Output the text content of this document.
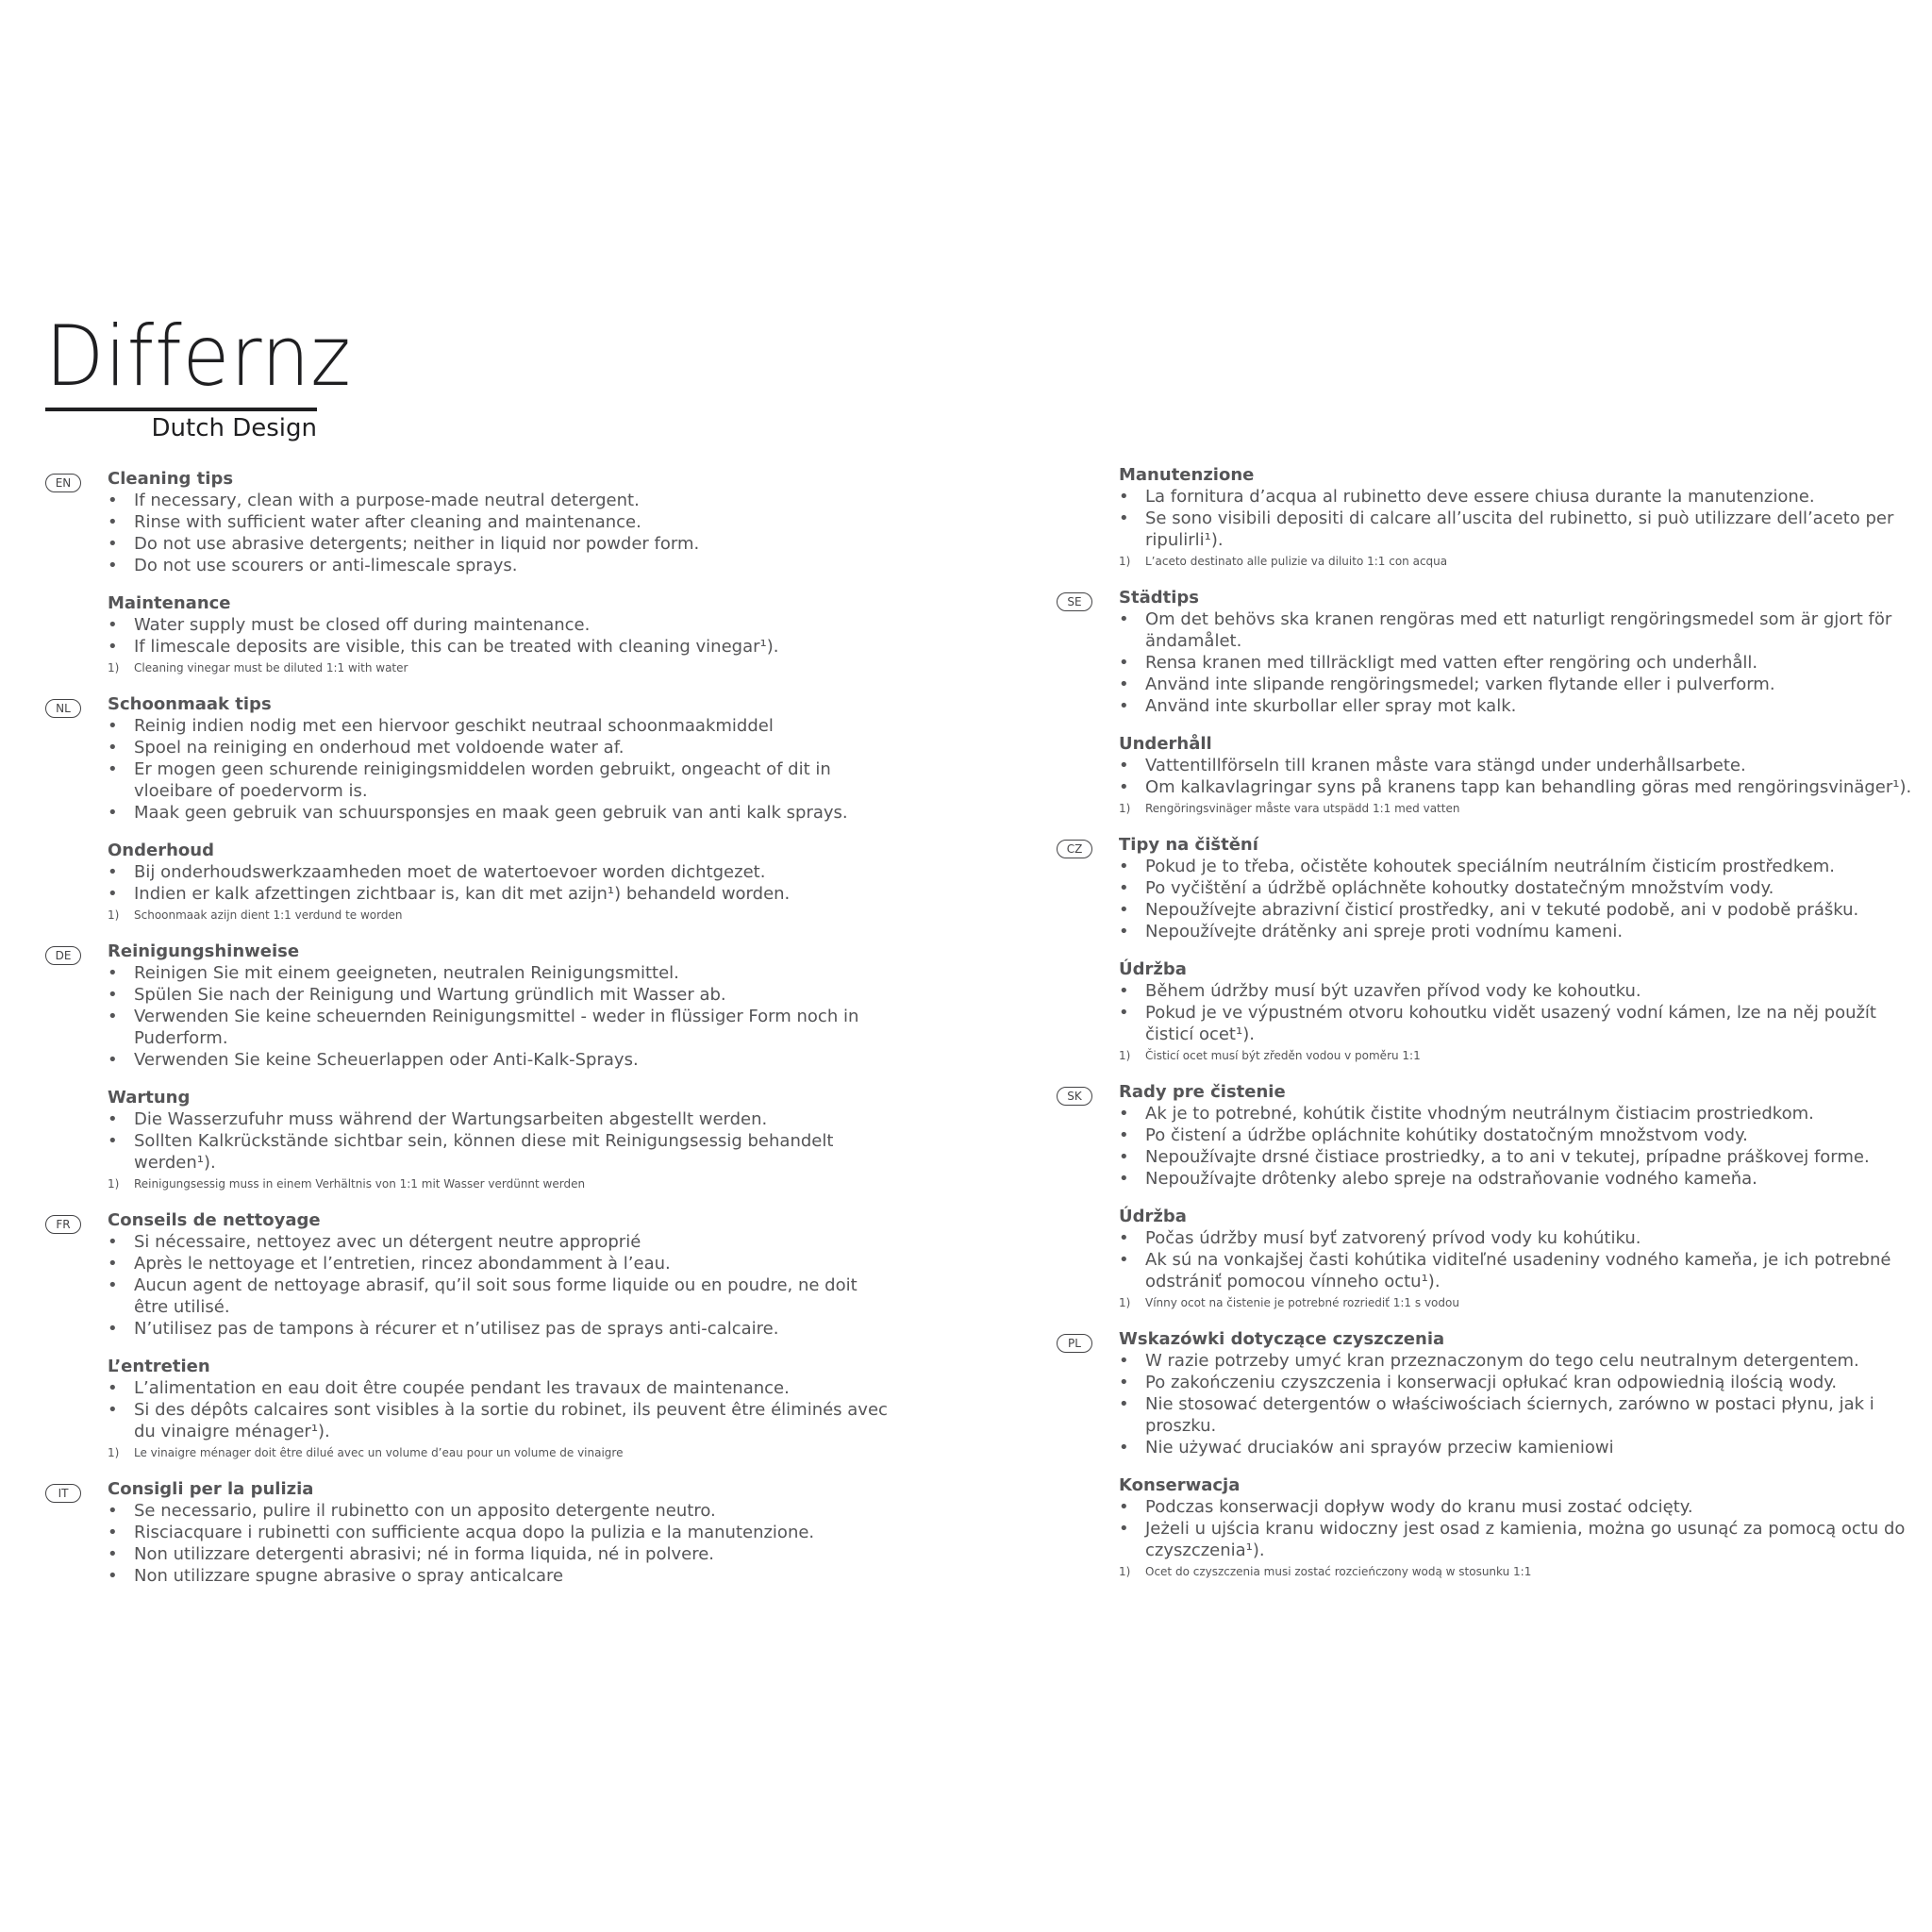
Differnz
Dutch Design
EN	Cleaning tips
• If necessary, clean with a purpose-made neutral detergent.
• Rinse with sufficient water after cleaning and maintenance.
• Do not use abrasive detergents; neither in liquid nor powder form.
• Do not use scourers or anti-limescale sprays.
Maintenance
• Water supply must be closed off during maintenance.
• If limescale deposits are visible, this can be treated with cleaning vinegar¹).
1) Cleaning vinegar must be diluted 1:1 with water
NL	Schoonmaak tips
• Reinig indien nodig met een hiervoor geschikt neutraal schoonmaakmiddel
• Spoel na reiniging en onderhoud met voldoende water af.
• Er mogen geen schurende reinigingsmiddelen worden gebruikt, ongeacht of dit in vloeibare of poedervorm is.
• Maak geen gebruik van schuursponsjes en maak geen gebruik van anti kalk sprays.
Onderhoud
• Bij onderhoudswerkzaamheden moet de watertoevoer worden dichtgezet.
• Indien er kalk afzettingen zichtbaar is, kan dit met azijn¹) behandeld worden.
1) Schoonmaak azijn dient 1:1 verdund te worden
DE	Reinigungshinweise
• Reinigen Sie mit einem geeigneten, neutralen Reinigungsmittel.
• Spülen Sie nach der Reinigung und Wartung gründlich mit Wasser ab.
• Verwenden Sie keine scheuernden Reinigungsmittel - weder in flüssiger Form noch in Puderform.
• Verwenden Sie keine Scheuerlappen oder Anti-Kalk-Sprays.
Wartung
• Die Wasserzufuhr muss während der Wartungsarbeiten abgestellt werden.
• Sollten Kalkrückstände sichtbar sein, können diese mit Reinigungsessig behandelt werden¹).
1) Reinigungsessig muss in einem Verhältnis von 1:1 mit Wasser verdünnt werden
FR	Conseils de nettoyage
• Si nécessaire, nettoyez avec un détergent neutre approprié
• Après le nettoyage et l’entretien, rincez abondamment à l’eau.
• Aucun agent de nettoyage abrasif, qu’il soit sous forme liquide ou en poudre, ne doit être utilisé.
• N’utilisez pas de tampons à récurer et n’utilisez pas de sprays anti-calcaire.
L’entretien
• L’alimentation en eau doit être coupée pendant les travaux de maintenance.
• Si des dépôts calcaires sont visibles à la sortie du robinet, ils peuvent être éliminés avec du vinaigre ménager¹).
1) Le vinaigre ménager doit être dilué avec un volume d’eau pour un volume de vinaigre
IT	Consigli per la pulizia
• Se necessario, pulire il rubinetto con un apposito detergente neutro.
• Risciacquare i rubinetti con sufficiente acqua dopo la pulizia e la manutenzione.
• Non utilizzare detergenti abrasivi; né in forma liquida, né in polvere.
• Non utilizzare spugne abrasive o spray anticalcare
Manutenzione
• La fornitura d’acqua al rubinetto deve essere chiusa durante la manutenzione.
• Se sono visibili depositi di calcare all’uscita del rubinetto, si può utilizzare dell’aceto per ripulirli¹).
1) L’aceto destinato alle pulizie va diluito 1:1 con acqua
SE	Städtips
• Om det behövs ska kranen rengöras med ett naturligt rengöringsmedel som är gjort för ändamålet.
• Rensa kranen med tillräckligt med vatten efter rengöring och underhåll.
• Använd inte slipande rengöringsmedel; varken flytande eller i pulverform.
• Använd inte skurbollar eller spray mot kalk.
Underhåll
• Vattentillförseln till kranen måste vara stängd under underhållsarbete.
• Om kalkavlagringar syns på kranens tapp kan behandling göras med rengöringsvinäger¹).
1) Rengöringsvinäger måste vara utspädd 1:1 med vatten
CZ	Tipy na čištění
• Pokud je to třeba, očistěte kohoutek speciálním neutrálním čisticím prostředkem.
• Po vyčištění a údržbě opláchněte kohoutky dostatečným množstvím vody.
• Nepoužívejte abrazivní čisticí prostředky, ani v tekuté podobě, ani v podobě prášku.
• Nepoužívejte drátěnky ani spreje proti vodnímu kameni.
Údržba
• Během údržby musí být uzavřen přívod vody ke kohoutku.
• Pokud je ve výpustném otvoru kohoutku vidět usazený vodní kámen, lze na něj použít čisticí ocet¹).
1) Čisticí ocet musí být zředěn vodou v poměru 1:1
SK	Rady pre čistenie
• Ak je to potrebné, kohútik čistite vhodným neutrálnym čistiacim prostriedkom.
• Po čistení a údržbe opláchnite kohútiky dostatočným množstvom vody.
• Nepoužívajte drsné čistiace prostriedky, a to ani v tekutej, prípadne práškovej forme.
• Nepoužívajte drôtenky alebo spreje na odstraňovanie vodného kameňa.
Údržba
• Počas údržby musí byť zatvorený prívod vody ku kohútiku.
• Ak sú na vonkajšej časti kohútika viditeľné usadeniny vodného kameňa, je ich potrebné odstrániť pomocou vínneho octu¹).
1) Vínny ocot na čistenie je potrebné rozriediť 1:1 s vodou
PL	Wskazówki dotyczące czyszczenia
• W razie potrzeby umyć kran przeznaczonym do tego celu neutralnym detergentem.
• Po zakończeniu czyszczenia i konserwacji opłukać kran odpowiednią ilością wody.
• Nie stosować detergentów o właściwościach ściernych, zarówno w postaci płynu, jak i proszku.
• Nie używać druciaków ani sprayów przeciw kamieniowi
Konserwacja
• Podczas konserwacji dopływ wody do kranu musi zostać odcięty.
• Jeżeli u ujścia kranu widoczny jest osad z kamienia, można go usunąć za pomocą octu do czyszczenia¹).
1) Ocet do czyszczenia musi zostać rozcieńczony wodą w stosunku 1:1
